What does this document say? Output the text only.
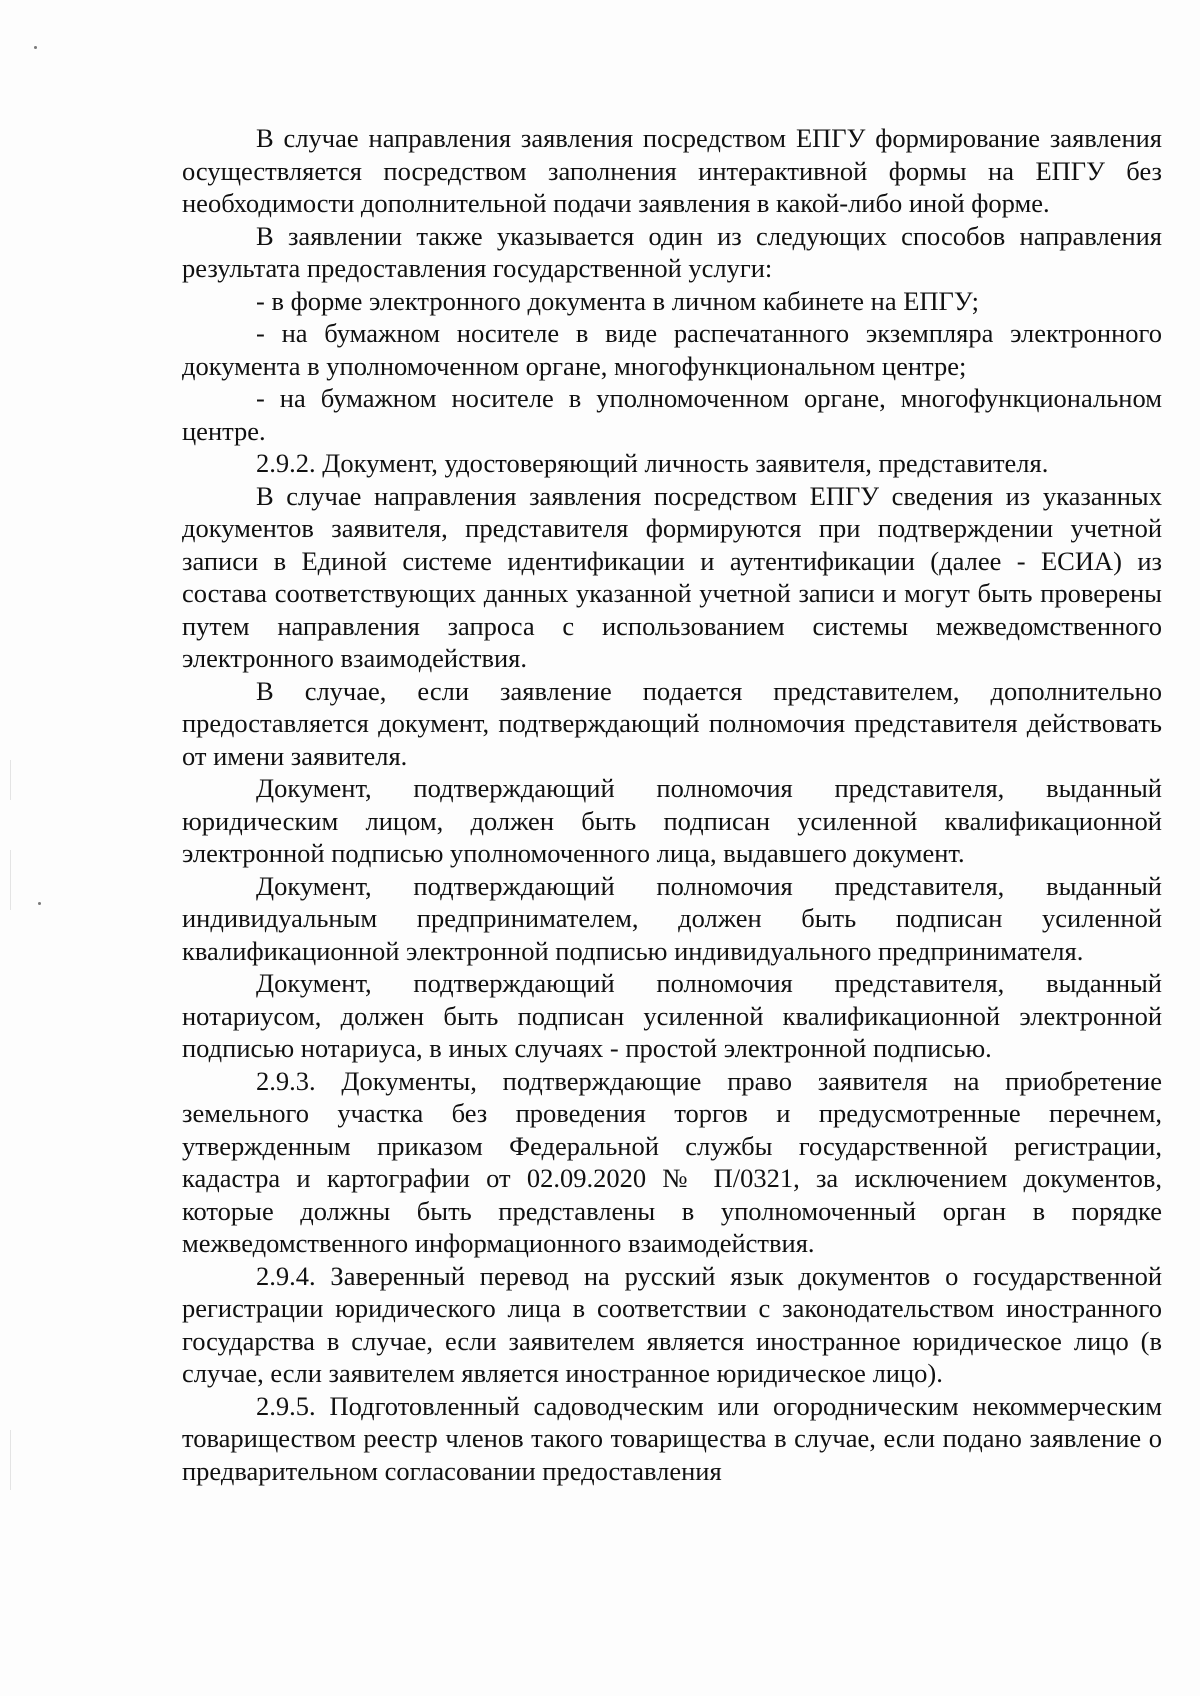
В случае направления заявления посредством ЕПГУ формирование заявления осуществляется посредством заполнения интерактивной формы на ЕПГУ без необходимости дополнительной подачи заявления в какой-либо иной форме.

В заявлении также указывается один из следующих способов направления результата предоставления государственной услуги:

- в форме электронного документа в личном кабинете на ЕПГУ;

- на бумажном носителе в виде распечатанного экземпляра электронного документа в уполномоченном органе, многофункциональном центре;

- на бумажном носителе в уполномоченном органе, многофункциональном центре.

2.9.2. Документ, удостоверяющий личность заявителя, представителя.

В случае направления заявления посредством ЕПГУ сведения из указанных документов заявителя, представителя формируются при подтверждении учетной записи в Единой системе идентификации и аутентификации (далее - ЕСИА) из состава соответствующих данных указанной учетной записи и могут быть проверены путем направления запроса с использованием системы межведомственного электронного взаимодействия.

В случае, если заявление подается представителем, дополнительно предоставляется документ, подтверждающий полномочия представителя действовать от имени заявителя.

Документ, подтверждающий полномочия представителя, выданный юридическим лицом, должен быть подписан усиленной квалификационной электронной подписью уполномоченного лица, выдавшего документ.

Документ, подтверждающий полномочия представителя, выданный индивидуальным предпринимателем, должен быть подписан усиленной квалификационной электронной подписью индивидуального предпринимателя.

Документ, подтверждающий полномочия представителя, выданный нотариусом, должен быть подписан усиленной квалификационной электронной подписью нотариуса, в иных случаях - простой электронной подписью.

2.9.3. Документы, подтверждающие право заявителя на приобретение земельного участка без проведения торгов и предусмотренные перечнем, утвержденным приказом Федеральной службы государственной регистрации, кадастра и картографии от 02.09.2020 № П/0321, за исключением документов, которые должны быть представлены в уполномоченный орган в порядке межведомственного информационного взаимодействия.

2.9.4. Заверенный перевод на русский язык документов о государственной регистрации юридического лица в соответствии с законодательством иностранного государства в случае, если заявителем является иностранное юридическое лицо (в случае, если заявителем является иностранное юридическое лицо).

2.9.5. Подготовленный садоводческим или огородническим некоммерческим товариществом реестр членов такого товарищества в случае, если подано заявление о предварительном согласовании предоставления
